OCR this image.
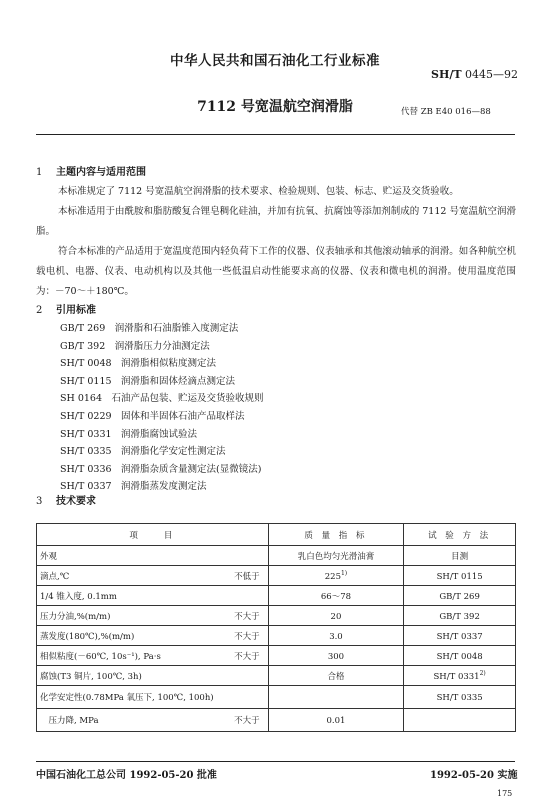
中华人民共和国石油化工行业标准
SH/T 0445—92
7112 号宽温航空润滑脂	代替 ZB E40 016—88
1 主题内容与适用范围
本标准规定了 7112 号宽温航空润滑脂的技术要求、检验规则、包装、标志、贮运及交货验收。
本标准适用于由酰胺和脂肪酸复合锂皂稠化硅油，并加有抗氧、抗腐蚀等添加剂制成的 7112 号宽温航空润滑脂。
符合本标准的产品适用于宽温度范围内轻负荷下工作的仪器、仪表轴承和其他滚动轴承的润滑。如各种航空机载电机、电器、仪表、电动机构以及其他一些低温启动性能要求高的仪器、仪表和微电机的润滑。使用温度范围为：－70～＋180℃。
2 引用标准
GB/T 269　润滑脂和石油脂锥入度测定法
GB/T 392　润滑脂压力分油测定法
SH/T 0048　润滑脂相似粘度测定法
SH/T 0115　润滑脂和固体烃滴点测定法
SH 0164　石油产品包装、贮运及交货验收规则
SH/T 0229　固体和半固体石油产品取样法
SH/T 0331　润滑脂腐蚀试验法
SH/T 0335　润滑脂化学安定性测定法
SH/T 0336　润滑脂杂质含量测定法(显微镜法)
SH/T 0337　润滑脂蒸发度测定法
3 技术要求
项　　目	质 量 指 标	试 验 方 法
外观	乳白色均匀光滑油膏	目测
滴点,℃ 不低于	225$^{1)}$	SH/T 0115
1/4 锥入度, 0.1mm	66～78	GB/T 269
压力分油,%(m/m) 不大于	20	GB/T 392
蒸发度(180℃),%(m/m) 不大于	3.0	SH/T 0337
相似粘度(－60℃, 10s⁻¹), Pa·s 不大于	300	SH/T 0048
腐蚀(T3 铜片, 100℃, 3h)	合格	SH/T 0331$^{2)}$
化学安定性(0.78MPa 氧压下, 100℃, 100h)		SH/T 0335
　压力降, MPa 不大于	0.01	
中国石油化工总公司 1992-05-20 批准	1992-05-20 实施
175
